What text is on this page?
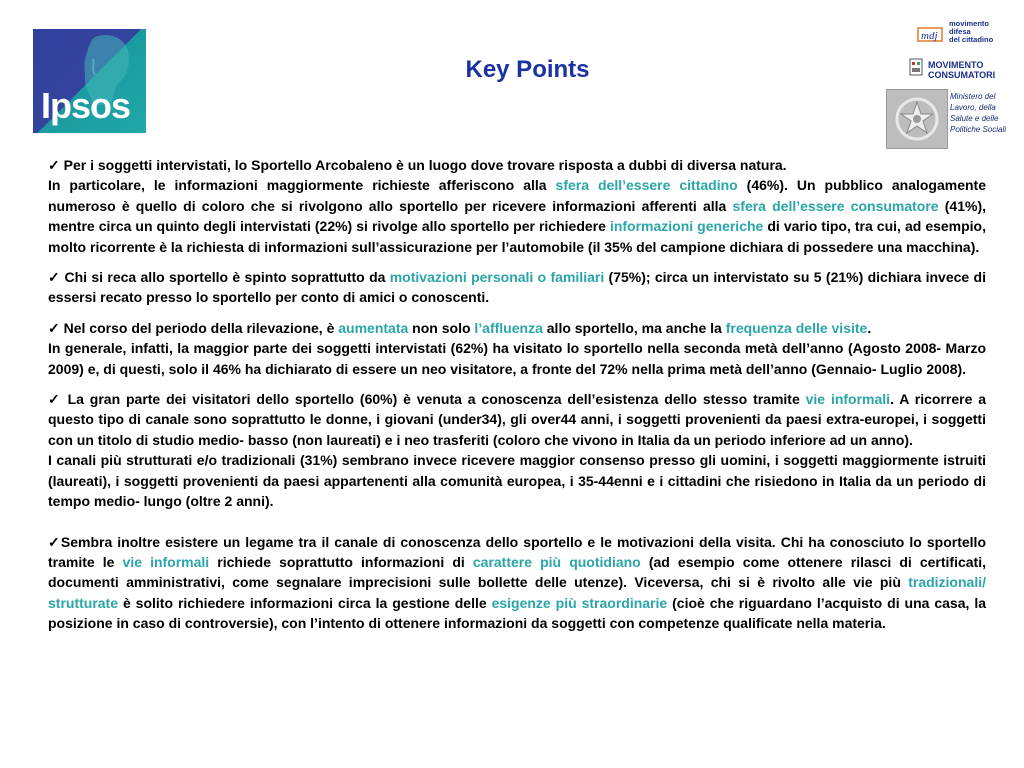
Ipsos
Key Points
mdj
movimento
difesa
del cittadino
MOVIMENTO
CONSUMATORI
Ministero del Lavoro, della Salute e delle Politiche Sociali

✓ Per i soggetti intervistati, lo Sportello Arcobaleno è un luogo dove trovare risposta a dubbi di diversa natura.

In particolare, le informazioni maggiormente richieste afferiscono alla sfera dell’essere cittadino (46%). Un pubblico analogamente numeroso è quello di coloro che si rivolgono allo sportello per ricevere informazioni afferenti alla sfera dell’essere consumatore (41%), mentre circa un quinto degli intervistati (22%) si rivolge allo sportello per richiedere informazioni generiche di vario tipo, tra cui, ad esempio, molto ricorrente è la richiesta di informazioni sull’assicurazione per l’automobile (il 35% del campione dichiara di possedere una macchina).

✓ Chi si reca allo sportello è spinto soprattutto da motivazioni personali o familiari (75%); circa un intervistato su 5 (21%) dichiara invece di essersi recato presso lo sportello per conto di amici o conoscenti.

✓ Nel corso del periodo della rilevazione, è aumentata non solo l’affluenza allo sportello, ma anche la frequenza delle visite.

In generale, infatti, la maggior parte dei soggetti intervistati (62%) ha visitato lo sportello nella seconda metà dell’anno (Agosto 2008- Marzo 2009) e, di questi, solo il 46% ha dichiarato di essere un neo visitatore, a fronte del 72% nella prima metà dell’anno (Gennaio- Luglio 2008).

✓ La gran parte dei visitatori dello sportello (60%) è venuta a conoscenza dell’esistenza dello stesso tramite vie informali. A ricorrere a questo tipo di canale sono soprattutto le donne, i giovani (under34), gli over44 anni, i soggetti provenienti da paesi extra-europei, i soggetti con un titolo di studio medio- basso (non laureati) e i neo trasferiti (coloro che vivono in Italia da un periodo inferiore ad un anno).

I canali più strutturati e/o tradizionali (31%) sembrano invece ricevere maggior consenso presso gli uomini, i soggetti maggiormente istruiti (laureati), i soggetti provenienti da paesi appartenenti alla comunità europea, i 35-44enni e i cittadini che risiedono in Italia da un periodo di tempo medio- lungo (oltre 2 anni).

✓Sembra inoltre esistere un legame tra il canale di conoscenza dello sportello e le motivazioni della visita. Chi ha conosciuto lo sportello tramite le vie informali richiede soprattutto informazioni di carattere più quotidiano (ad esempio come ottenere rilasci di certificati, documenti amministrativi, come segnalare imprecisioni sulle bollette delle utenze). Viceversa, chi si è rivolto alle vie più tradizionali/ strutturate è solito richiedere informazioni circa la gestione delle esigenze più straordinarie (cioè che riguardano l’acquisto di una casa, la posizione in caso di controversie), con l’intento di ottenere informazioni da soggetti con competenze qualificate nella materia.
